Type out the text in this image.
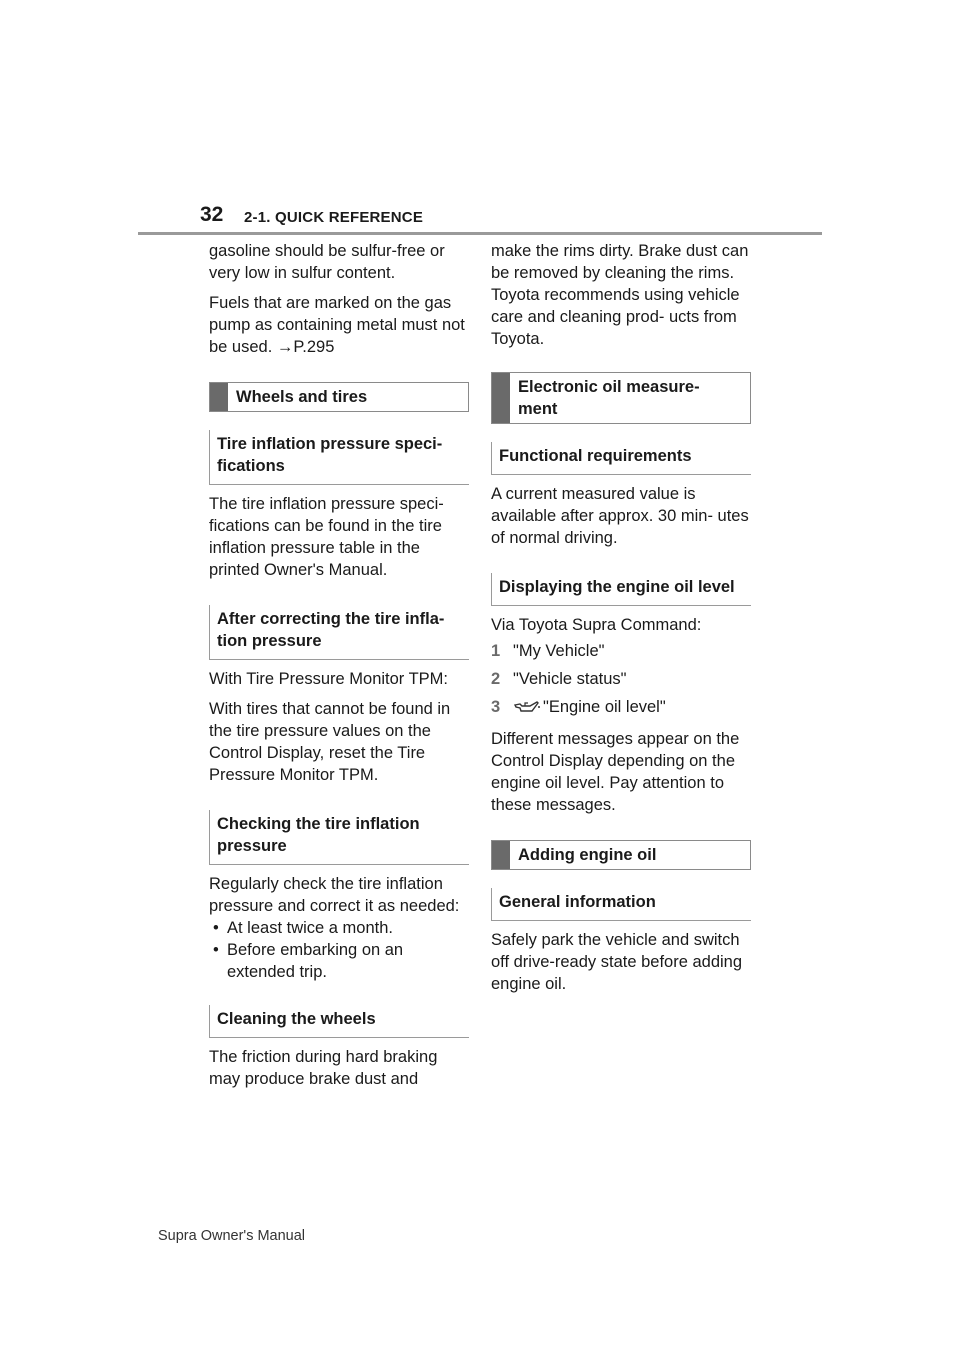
32 2-1. QUICK REFERENCE

gasoline should be sulfur-free or very low in sulfur content.

Fuels that are marked on the gas pump as containing metal must not be used. →P.295

Wheels and tires
Tire inflation pressure speci- fications

The tire inflation pressure speci- fications can be found in the tire inflation pressure table in the printed Owner's Manual.

After correcting the tire infla- tion pressure

With Tire Pressure Monitor TPM:

With tires that cannot be found in the tire pressure values on the Control Display, reset the Tire Pressure Monitor TPM.

Checking the tire inflation pressure

Regularly check the tire inflation pressure and correct it as needed:

• At least twice a month.
• Before embarking on an extended trip.
Cleaning the wheels

The friction during hard braking may produce brake dust and

make the rims dirty. Brake dust can be removed by cleaning the rims. Toyota recommends using vehicle care and cleaning prod- ucts from Toyota.

Electronic oil measure- ment
Functional requirements

A current measured value is available after approx. 30 min- utes of normal driving.

Displaying the engine oil level

Via Toyota Supra Command:

1 "My Vehicle"
2 "Vehicle status"
3	"Engine oil level"

Different messages appear on the Control Display depending on the engine oil level. Pay attention to these messages.

Adding engine oil
General information

Safely park the vehicle and switch off drive-ready state before adding engine oil.

Supra Owner's Manual
